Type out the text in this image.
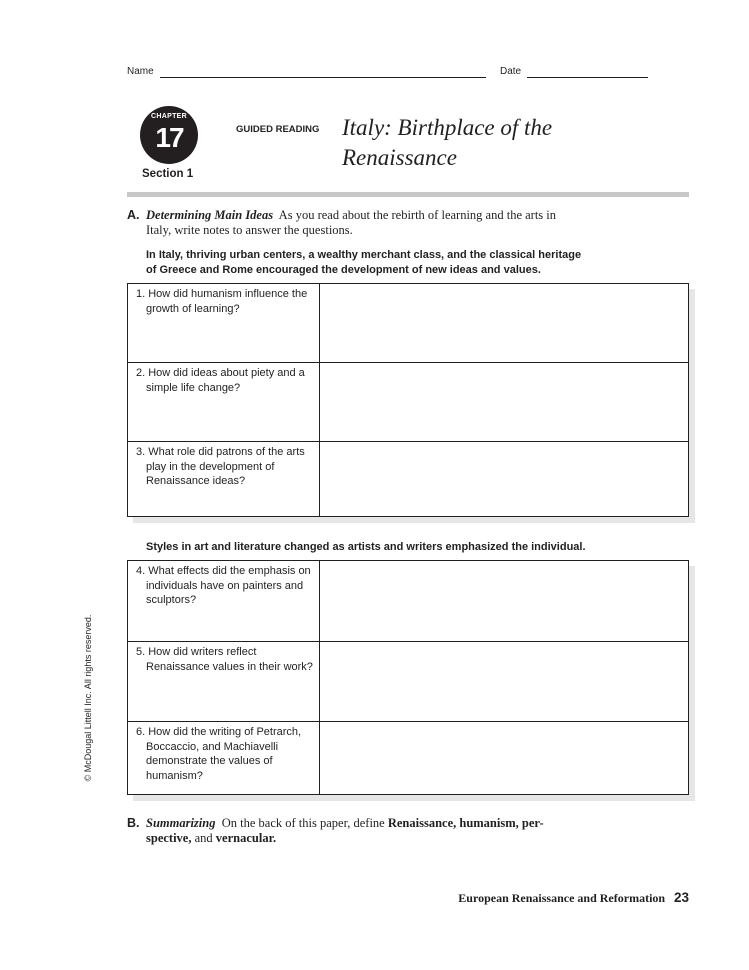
Name	Date
CHAPTER
17
Section 1
GUIDED READING Italy: Birthplace of the
Renaissance
A. Determining Main Ideas As you read about the rebirth of learning and the arts in Italy, write notes to answer the questions.
In Italy, thriving urban centers, a wealthy merchant class, and the classical heritage of Greece and Rome encouraged the development of new ideas and values.
1. How did humanism influence the growth of learning?	

2. How did ideas about piety and a simple life change?	

3. What role did patrons of the arts play in the development of Renaissance ideas?	

Styles in art and literature changed as artists and writers emphasized the individual.
4. What effects did the emphasis on individuals have on painters and sculptors?	

5. How did writers reflect Renaissance values in their work?	

6. How did the writing of Petrarch, Boccaccio, and Machiavelli demonstrate the values of humanism?	

B. Summarizing On the back of this paper, define Renaissance, humanism, per-
spective, and vernacular.
European Renaissance and Reformation 23
© McDougal Littell Inc. All rights reserved.
